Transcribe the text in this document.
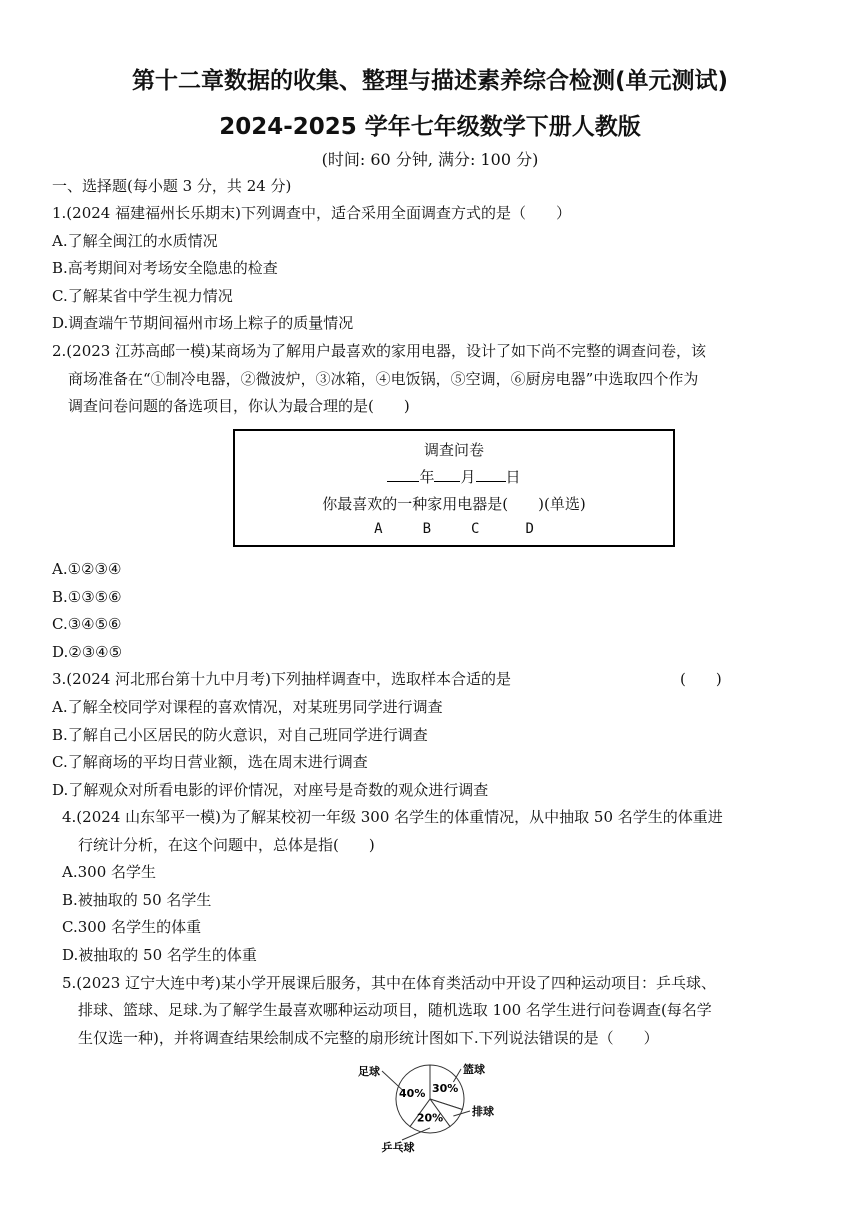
第十二章数据的收集、整理与描述素养综合检测(单元测试)
2024-2025 学年七年级数学下册人教版
(时间: 60 分钟, 满分: 100 分)
一、选择题(每小题 3 分，共 24 分)
1.(2024 福建福州长乐期末)下列调查中，适合采用全面调查方式的是（　　）
A.了解全闽江的水质情况
B.高考期间对考场安全隐患的检查
C.了解某省中学生视力情况
D.调查端午节期间福州市场上粽子的质量情况
2.(2023 江苏高邮一模)某商场为了解用户最喜欢的家用电器，设计了如下尚不完整的调查问卷，该
商场准备在“①制冷电器，②微波炉，③冰箱，④电饭锅，⑤空调，⑥厨房电器”中选取四个作为
调查问卷问题的备选项目，你认为最合理的是(　　)
调查问卷
年 月 日
你最喜欢的一种家用电器是(　　)(单选)
A	B	C	D
A.①②③④
B.①③⑤⑥
C.③④⑤⑥
D.②③④⑤
3.(2024 河北邢台第十九中月考)下列抽样调查中，选取样本合适的是	(　　)
A.了解全校同学对课程的喜欢情况，对某班男同学进行调查
B.了解自己小区居民的防火意识，对自己班同学进行调查
C.了解商场的平均日营业额，选在周末进行调查
D.了解观众对所看电影的评价情况，对座号是奇数的观众进行调查
4.(2024 山东邹平一模)为了解某校初一年级 300 名学生的体重情况，从中抽取 50 名学生的体重进
行统计分析，在这个问题中，总体是指(　　)
A.300 名学生
B.被抽取的 50 名学生
C.300 名学生的体重
D.被抽取的 50 名学生的体重
5.(2023 辽宁大连中考)某小学开展课后服务，其中在体育类活动中开设了四种运动项目：乒乓球、
排球、篮球、足球.为了解学生最喜欢哪种运动项目，随机选取 100 名学生进行问卷调查(每名学
生仅选一种)，并将调查结果绘制成不完整的扇形统计图如下.下列说法错误的是（　　）
30%
篮球
排球
20%
乒乓球
40%
足球
